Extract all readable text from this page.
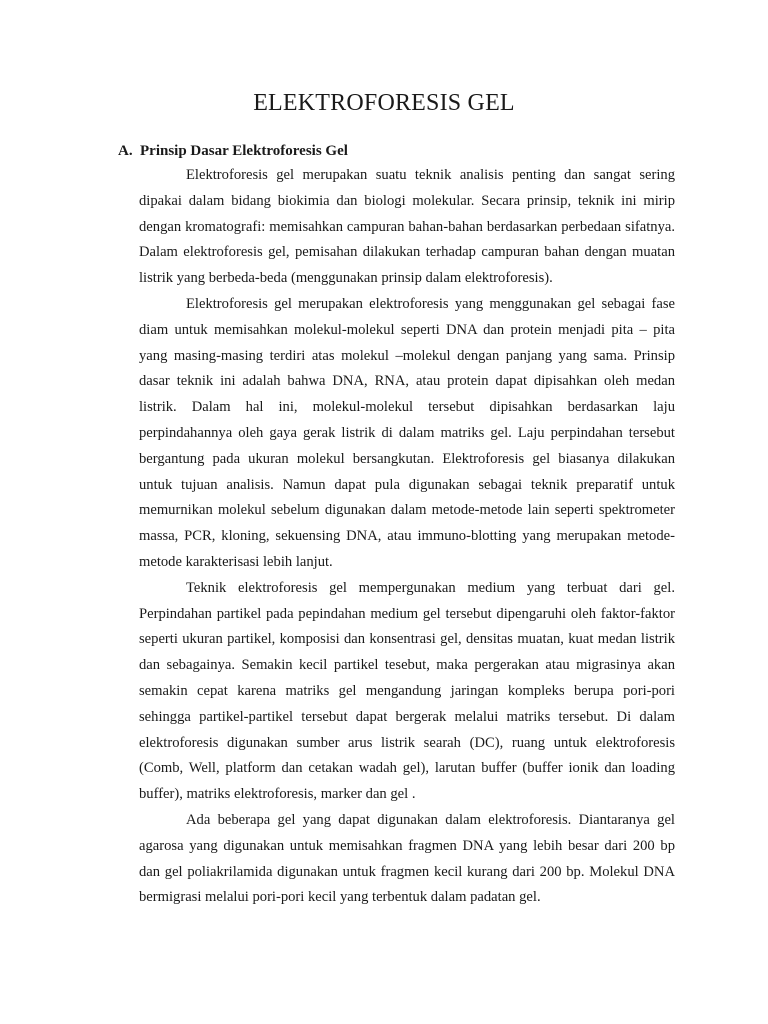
ELEKTROFORESIS GEL
A. Prinsip Dasar Elektroforesis Gel

Elektroforesis gel merupakan suatu teknik analisis penting dan sangat sering dipakai dalam bidang biokimia dan biologi molekular. Secara prinsip, teknik ini mirip dengan kromatografi: memisahkan campuran bahan-bahan berdasarkan perbedaan sifatnya. Dalam elektroforesis gel, pemisahan dilakukan terhadap campuran bahan dengan muatan listrik yang berbeda-beda (menggunakan prinsip dalam elektroforesis).

Elektroforesis gel merupakan elektroforesis yang menggunakan gel sebagai fase diam untuk memisahkan molekul-molekul seperti DNA dan protein menjadi pita – pita yang masing-masing terdiri atas molekul –molekul dengan panjang yang sama. Prinsip dasar teknik ini adalah bahwa DNA, RNA, atau protein dapat dipisahkan oleh medan listrik. Dalam hal ini, molekul-molekul tersebut dipisahkan berdasarkan laju perpindahannya oleh gaya gerak listrik di dalam matriks gel. Laju perpindahan tersebut bergantung pada ukuran molekul bersangkutan. Elektroforesis gel biasanya dilakukan untuk tujuan analisis. Namun dapat pula digunakan sebagai teknik preparatif untuk memurnikan molekul sebelum digunakan dalam metode-metode lain seperti spektrometer massa, PCR, kloning, sekuensing DNA, atau immuno-blotting yang merupakan metode-metode karakterisasi lebih lanjut.

Teknik elektroforesis gel mempergunakan medium yang terbuat dari gel. Perpindahan partikel pada pepindahan medium gel tersebut dipengaruhi oleh faktor-faktor seperti ukuran partikel, komposisi dan konsentrasi gel, densitas muatan, kuat medan listrik dan sebagainya. Semakin kecil partikel tesebut, maka pergerakan atau migrasinya akan semakin cepat karena matriks gel mengandung jaringan kompleks berupa pori-pori sehingga partikel-partikel tersebut dapat bergerak melalui matriks tersebut. Di dalam elektroforesis digunakan sumber arus listrik searah (DC), ruang untuk elektroforesis (Comb, Well, platform dan cetakan wadah gel), larutan buffer (buffer ionik dan loading buffer), matriks elektroforesis, marker dan gel .

Ada beberapa gel yang dapat digunakan dalam elektroforesis. Diantaranya gel agarosa yang digunakan untuk memisahkan fragmen DNA yang lebih besar dari 200 bp dan gel poliakrilamida digunakan untuk fragmen kecil kurang dari 200 bp. Molekul DNA bermigrasi melalui pori-pori kecil yang terbentuk dalam padatan gel.
